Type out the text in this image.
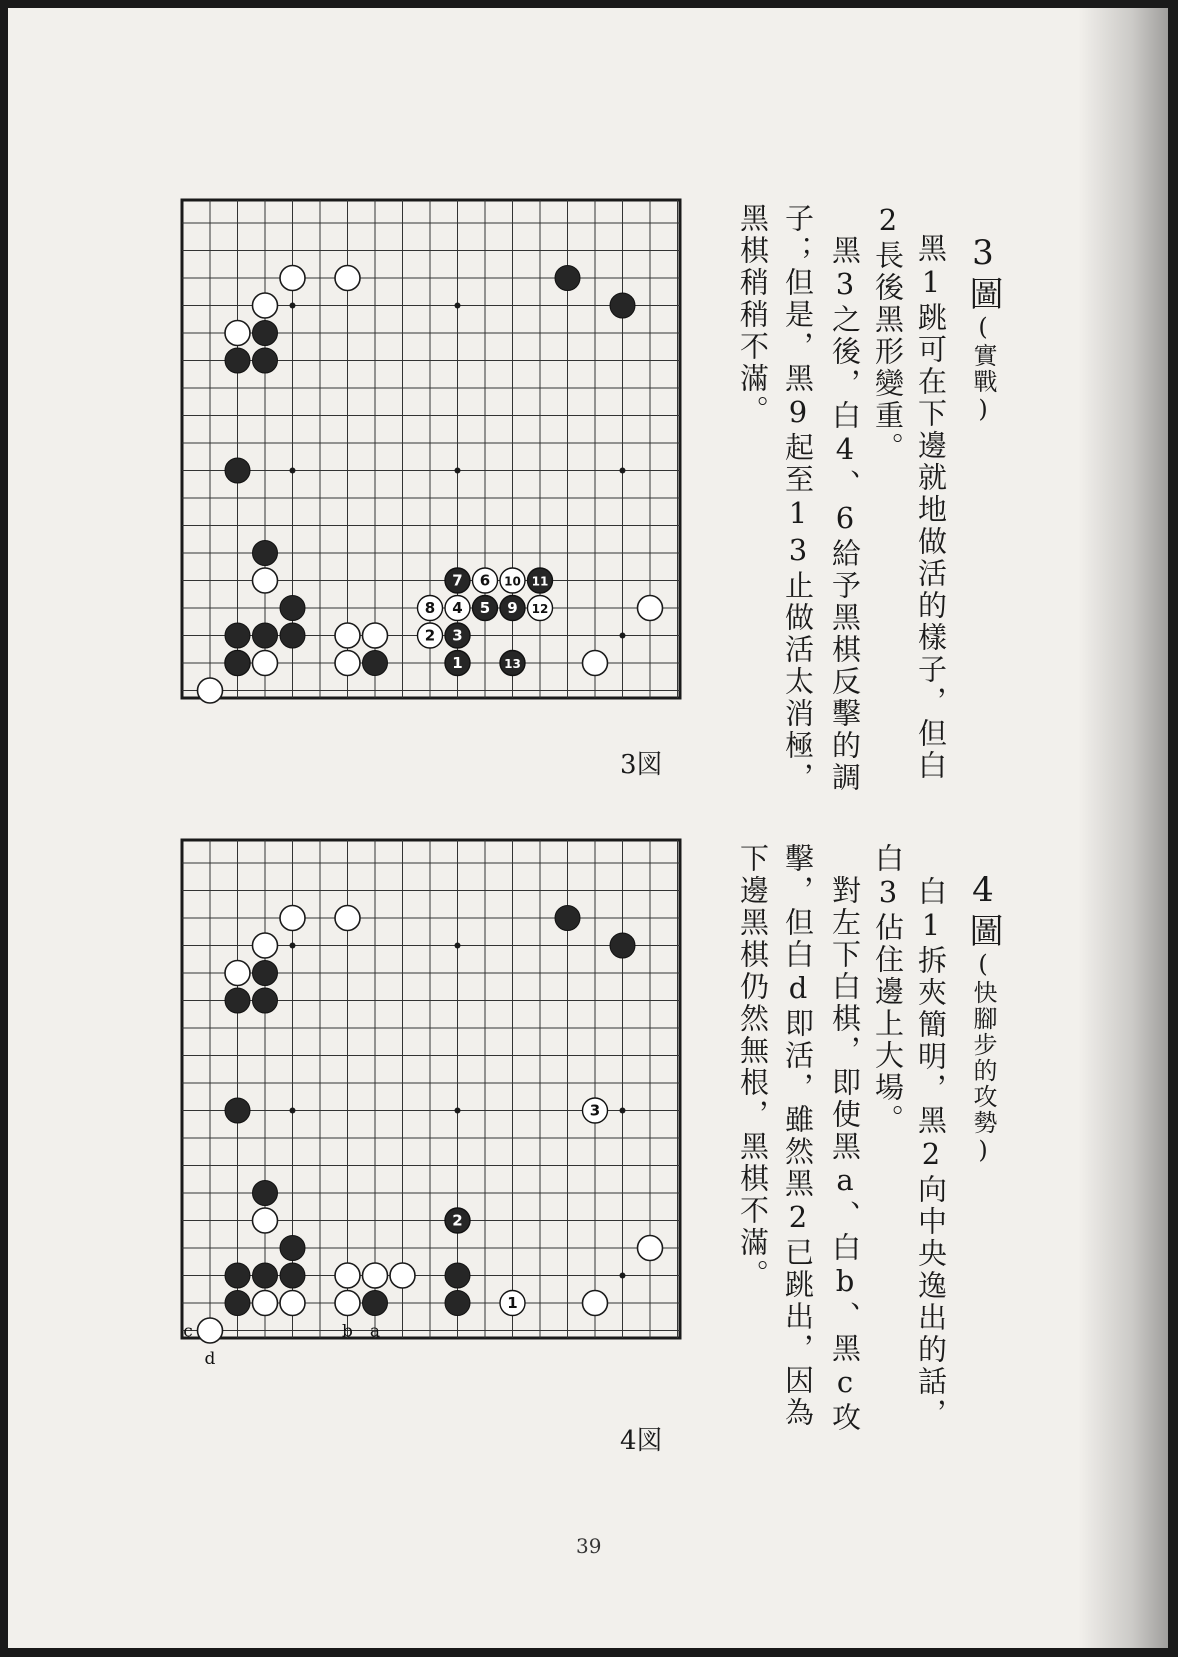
1
2 3
4 5
6
7
8	9
10 11
12
13
3図
1
2
3
c
d
b a
4図
3圖(實戰)
黑1跳可在下邊就地做活的樣子，但白
2長後黑形變重。
　黑3之後，白4、6給予黑棋反擊的調
子；但是，黑9起至13止做活太消極，
黑棋稍稍不滿。
4圖(快腳步的攻勢)
白1拆夾簡明，黑2向中央逸出的話，
白3佔住邊上大場。
　對左下白棋，即使黑a、白b、黑c攻
擊，但白d即活，雖然黑2已跳出，因為
下邊黑棋仍然無根，黑棋不滿。
39
